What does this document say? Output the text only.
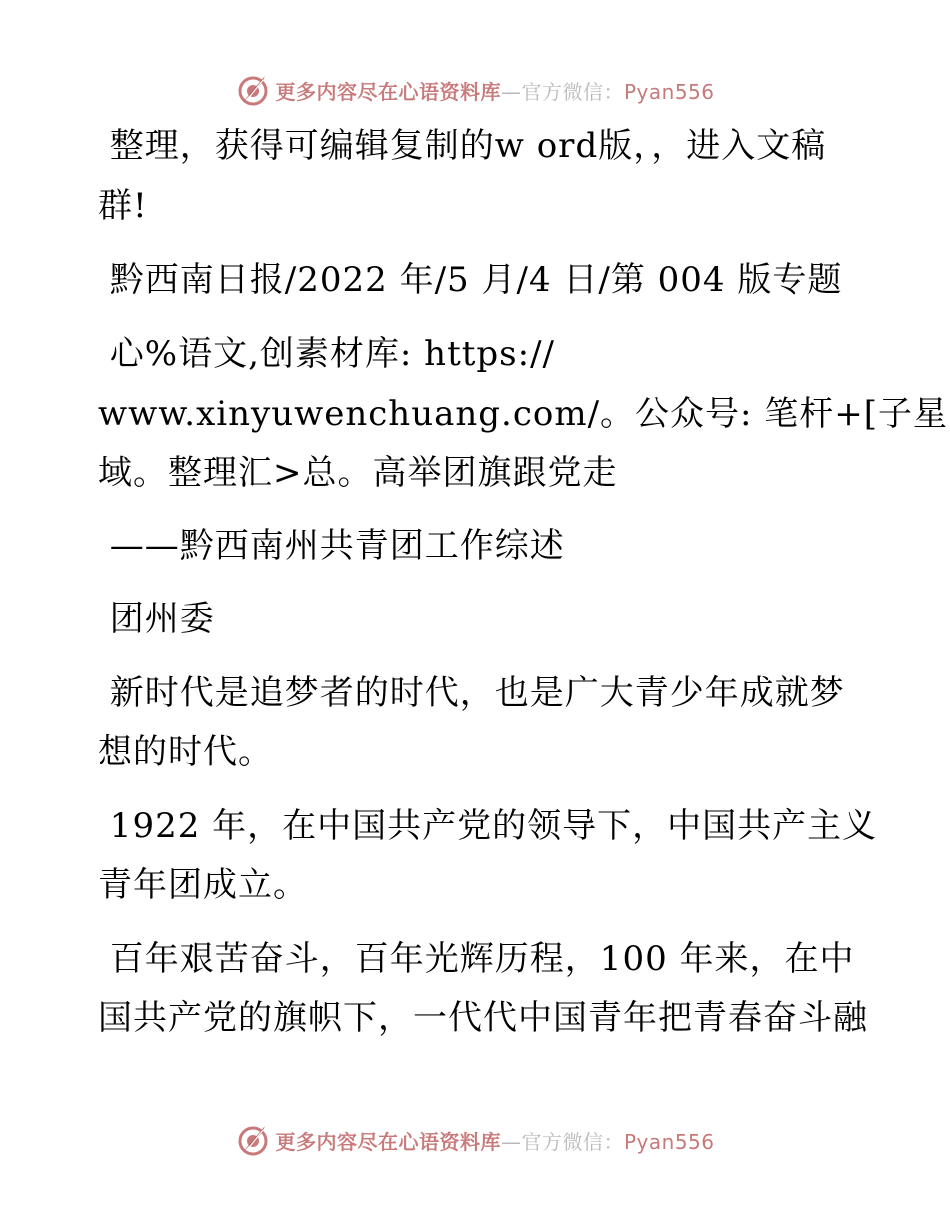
更多内容尽在心语资料库—官方微信：Pyan556
整理，获得可编辑复制的w ord版，，进入文稿
群!
黔西南日报/2022 年/5 月/4 日/第 004 版专题
心%语文,创素材库: https://
www.xinyuwenchuang.com/。公众号: 笔杆+[子星
域。整理汇>总。高举团旗跟党走
——黔西南州共青团工作综述
团州委
新时代是追梦者的时代，也是广大青少年成就梦
想的时代。
1922 年，在中国共产党的领导下，中国共产主义
青年团成立。
百年艰苦奋斗，百年光辉历程，100 年来，在中
国共产党的旗帜下，一代代中国青年把青春奋斗融
更多内容尽在心语资料库—官方微信：Pyan556
